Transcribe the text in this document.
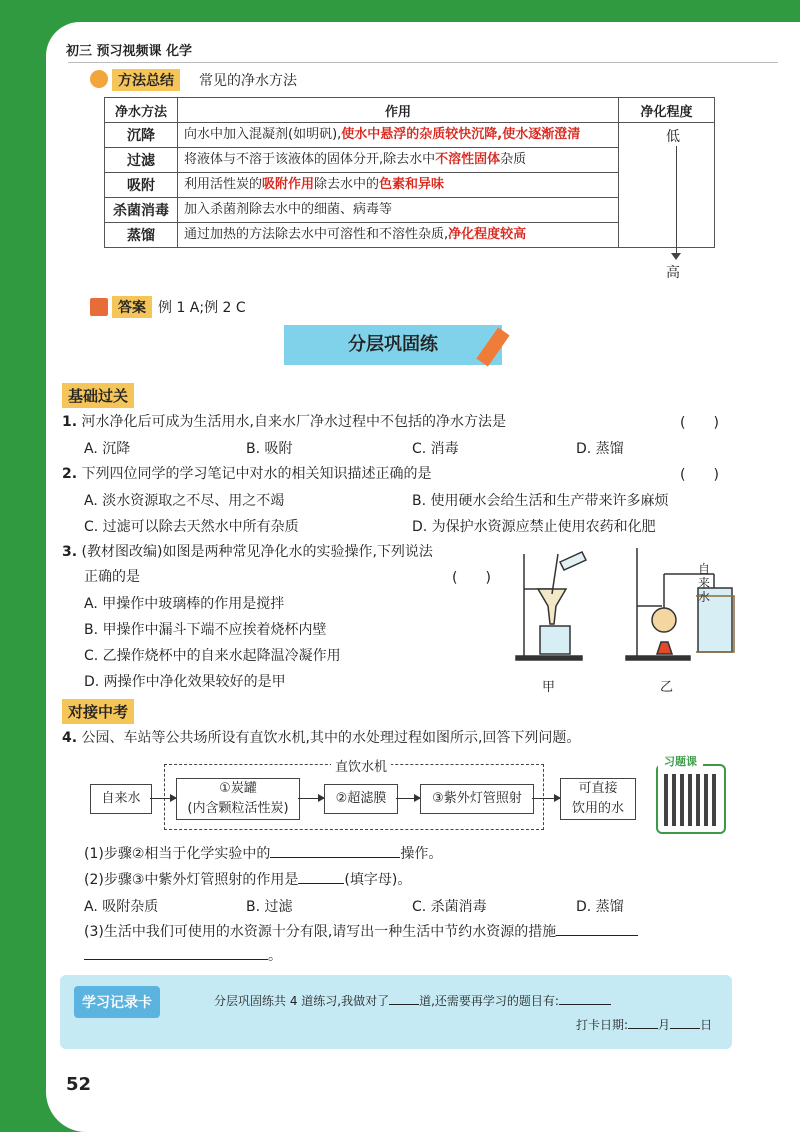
初三 预习视频课 化学
方法总结	常见的净水方法
净水方法	作用	净化程度
沉降	向水中加入混凝剂(如明矾),使水中悬浮的杂质较快沉降,使水逐渐澄清	
过滤	将液体与不溶于该液体的固体分开,除去水中不溶性固体杂质	
吸附	利用活性炭的吸附作用除去水中的色素和异味	
杀菌消毒	加入杀菌剂除去水中的细菌、病毒等	
蒸馏	通过加热的方法除去水中可溶性和不溶性杂质,净化程度较高	
低
高
答案 例 1 A;例 2 C
分层巩固练
基础过关
1. 河水净化后可成为生活用水,自来水厂净水过程中不包括的净水方法是	(　　)
A. 沉降	B. 吸附	C. 消毒	D. 蒸馏
2. 下列四位同学的学习笔记中对水的相关知识描述正确的是	(　　)
A. 淡水资源取之不尽、用之不竭	B. 使用硬水会给生活和生产带来许多麻烦
C. 过滤可以除去天然水中所有杂质	D. 为保护水资源应禁止使用农药和化肥
3. (教材图改编)如图是两种常见净化水的实验操作,下列说法
正确的是	(　　)
A. 甲操作中玻璃棒的作用是搅拌
B. 甲操作中漏斗下端不应挨着烧杯内壁
C. 乙操作烧杯中的自来水起降温冷凝作用
D. 两操作中净化效果较好的是甲
自来水
甲	乙
对接中考
4. 公园、车站等公共场所设有直饮水机,其中的水处理过程如图所示,回答下列问题。
直饮水机
自来水
①炭罐
(内含颗粒活性炭)
②超滤膜	③紫外灯管照射
可直接
饮用的水
习题课
(1)步骤②相当于化学实验中的	操作。
(2)步骤③中紫外灯管照射的作用是	(填字母)。
A. 吸附杂质	B. 过滤	C. 杀菌消毒	D. 蒸馏
(3)生活中我们可使用的水资源十分有限,请写出一种生活中节约水资源的措施
。
学习记录卡	分层巩固练共 4 道练习,我做对了	道,还需要再学习的题目有:
打卡日期:	月	日
52
